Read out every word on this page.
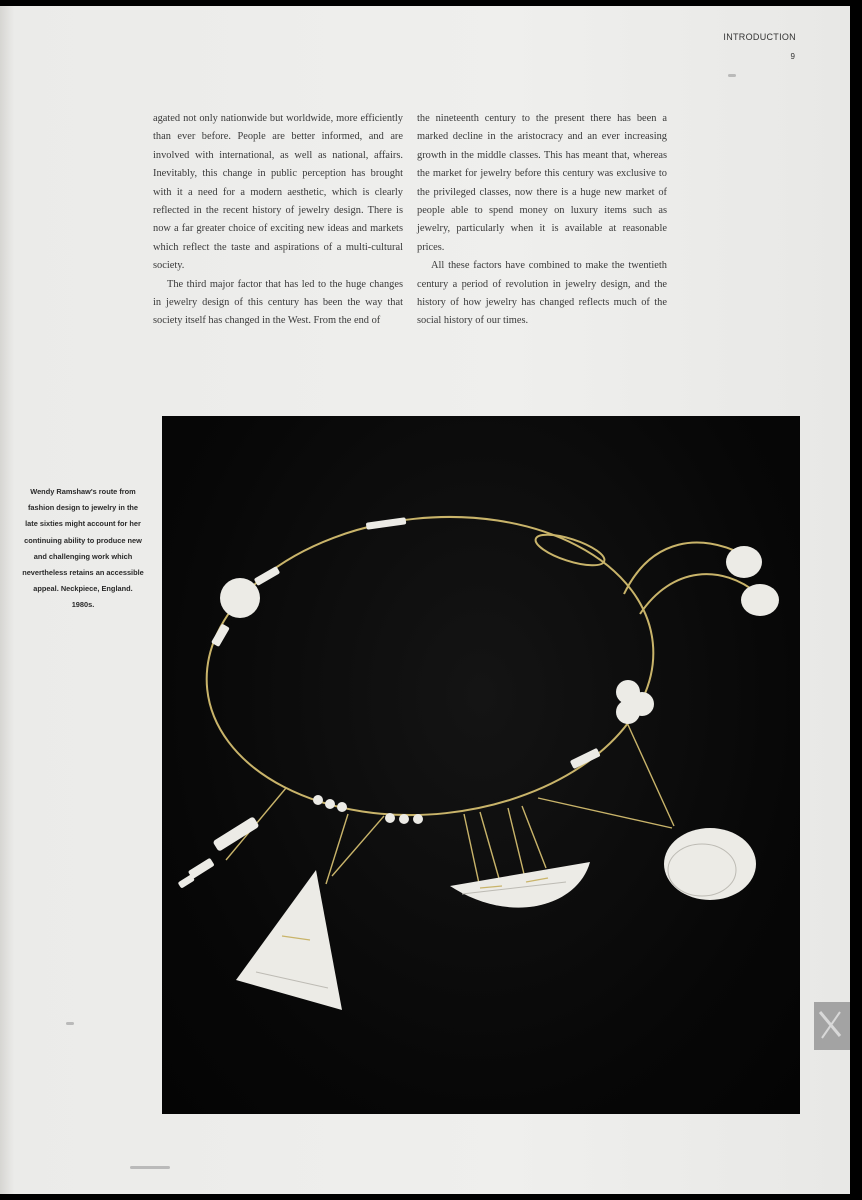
INTRODUCTION
9

agated not only nationwide but worldwide, more efficiently than ever before. People are better informed, and are involved with international, as well as national, affairs. Inevitably, this change in public perception has brought with it a need for a modern aesthetic, which is clearly reflected in the recent history of jewelry design. There is now a far greater choice of exciting new ideas and markets which reflect the taste and aspirations of a multi-cultural society.

The third major factor that has led to the huge changes in jewelry design of this century has been the way that society itself has changed in the West. From the end of

the nineteenth century to the present there has been a marked decline in the aristocracy and an ever increasing growth in the middle classes. This has meant that, whereas the market for jewelry before this century was exclusive to the privileged classes, now there is a huge new market of people able to spend money on luxury items such as jewelry, particularly when it is available at reasonable prices.

All these factors have combined to make the twentieth century a period of revolution in jewelry design, and the history of how jewelry has changed reflects much of the social history of our times.

Wendy Ramshaw's route from fashion design to jewelry in the late sixties might account for her continuing ability to produce new and challenging work which nevertheless retains an accessible appeal. Neckpiece, England. 1980s.
